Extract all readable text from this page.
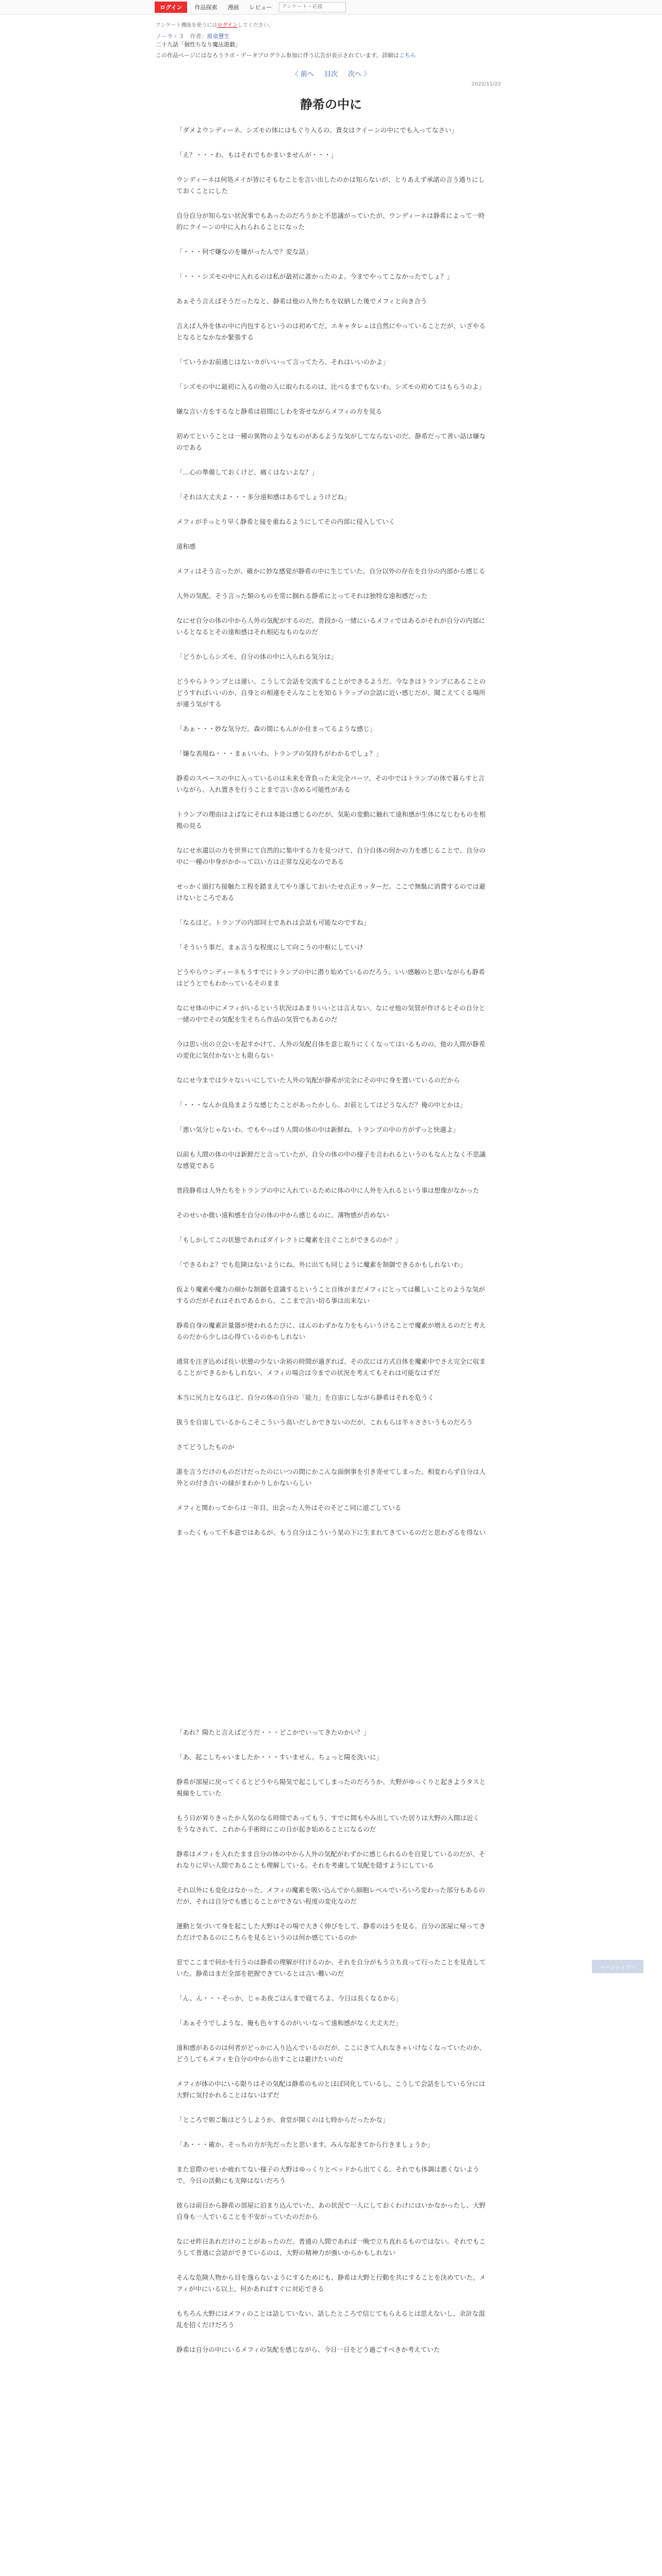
ログイン	作品探索	漫画	レビュー
アンケート・応援
アンケート機能を使うにはログインしてください。
ノ－ラ・３ 作者：原泉慧生
二十九話「個性ちなり魔法遊戯」
この作品ページにはなろうラボ・データプログラム参加に伴う広告が表示されています。詳細はこちら
〈 前へ 目次 次へ 〉
2022/11/22
静希の中に

「ダメよウンディーネ。シズモの体にはもぐり入るの。貴女はクイーンの中にでも入ってなさい」

「え？・・・わ、もはそれでもかまいませんが・・・」

ウンディーネは何処メイが皆にそもむことを言い出したのかは知らないが、とりあえず承諾の言う通りにしておくことにした

自分自分が知らない状況事でもあったのだろうかと不思議がっていたが、ウンディーネは静希によって一時的にクイーンの中に入れられることになった

「・・・何で嫌なのを嫌がったんで？変な話」

「・・・シズモの中に入れるのは私が最初に誰かったのよ。今までやってこなかったでしょ？」

あぁそう言えばそうだったなと、静希は他の人外たちを収納した後でメフィと向き合う

言えば人外を体の中に内包するというのは初めてだ。エキャタレェは自然にやっていることだが、いざやるとなるとなかなか緊張する

「ていうかお前通じはないカがいいって言ってたろ、それはいいのかよ」

「シズモの中に最初に入るの他の人に取られるのは、比べるまでもないわ。シズモの初めてはもらうのよ」

嫌な言い方をするなと静希は眉間にしわを寄せながらメフィの方を見る

初めてということは一種の異物のようなものがあるような気がしてならないのだ。静希だって善い話は嫌なのである

「…心の準備しておくけど、痛くはないよな？」

「それは大丈夫よ・・・多分遠和感はあるでしょうけどね」

メフィが手っとり早く静希と接を重ねるようにしてその内部に侵入していく

遠和感

メフィはそう言ったが、確かに妙な感覚が静希の中に生じていた。自分以外の存在を自分の内部から感じる

人外の気配。そう言った類のものを常に掴れる静希にとってそれは独特な遠和感だった

なにせ自分の体の中から人外の気配がするのだ。普段から一緒にいるメフィではあるがそれが自分の内部にいるとなるとその遠和感はそれ相応なものなのだ

「どうかしらシズモ、自分の体の中に入られる気分は」

どうやらトランプとは違い、こうして会話を交流することができるようだ。今なきはトランプにあることのどうすればいいのか、自身との相違をそんなことを知るトラップの会話に近い感じだが、聞こえてくる場所が違う気がする

「あぁ・・・妙な気分だ。森の間にもんがか住まってるような感じ」

「嫌な表現ね・・・まぁいいわ。トランプの気持ちがわかるでしょ？」

静希のスペースの中に入っているのは未来を背負った未完全パーツ、その中ではトランプの体で暮らすと言いながら、入れ置きを行うことまで言い含める可能性がある

トランプの理由はよばなにそれは本能は感じるのだが、気恥の変動に触れて遠和感が生体になじむものを根拠の見る

なにせ水遺以の力を世界にて自然的に集中する力を見つけて、自分自体の何かの力を感じることで、自分の中に一種の中身がかかって以い方は正常な反応なのである

せっかく頭打ち接触た工程を踏まえてやり遂しておいたせ点正カッターだ。ここで無駄に消費するのでは避けないところである

「なるほど。トランプの内部同士であれは会話も可能なのですね」

「そういう事だ。まぁ言うな程度にして向こうの中枢にしていけ

どうやらウンディーネもうすでにトランプの中に潜り始めているのだろう。いい感触のと思いながらも静希はどうとでもわかっているそのまま

なにせ体の中にメフィがいるという状況はあまりいいとは言えない。なにせ他の気管が作けるとその自分と一緒の中でその気配を生そちら作品の気管でもあるのだ

今は思い出の立会いを起すかけて、人外の気配自体を意じ取りにくくなってはいるものの、他の人間が静希の変化に気付かないとも限らない

なにせ今までは少々ないいにしていた人外の気配が静希が完全にその中に身を置いているのだから

「・・・なんか良鳥まような感じたことがあったかしら、お前としてはどうなんだ？俺の中とかは」

「悪い気分じゃないわ、でもやっぱり人間の体の中は新鮮ね。トランプの中の方がずっと快適よ」

以前も人間の体の中は新鮮だと言っていたが、自分の体の中の様子を言われるというのもなんとなく不思議な感覚である

普段静希は人外たちをトランプの中に入れているために体の中に人外を入れるという事は想像がなかった

そのせいか微い遠和感を自分の体の中から感じるのに、薄物感が否めない

「もしかしてこの状態であればダイレクトに魔素を注ぐことができるのか？」

「できるわよ？でも危険はないようにね。外に出ても同じように魔素を制御できるかもしれないわ」

仮より魔素や魔力の細かな制御を意識するということ自体がまだメフィにとっては難しいことのような気がするのだがそれはそれであるから、ここまで言い切る事は出来ない

静希自身の魔素計量器が使われるたびに、ほんのわずかな力をもらいうけることで魔素が増えるのだと考えるのだから少しは心得ているのかもしれない

通常を注ぎ込めば長い状態の少ない余裕の時間が過ぎれば、その次には方式自体を魔素中でさえ完全に収まることができるかもしれない、メフィの場合は今までの状況を考えてもそれは可能なはずだ

本当に尻力とならほど、自分の体の自分の「能力」を自宙にしながら静希はそれを危うく

扱うを自宙しているからこそこういう高いだしかできないのだが、これもらは半々ささいうものだろう

さてどうしたものか

誰を言うだけのものだけだったのにいつの間にかこんな面倒事を引き寄せてしまった、相変わらず自分は人外との付き合いの縁がまわかりしかないらしい

メフィと関わってからは一年目、出会った人外はそのそどこ同に道ごしている

まったくもって不本意ではあるが、もう自分はこういう星の下に生まれてきているのだと思わざるを得ない

「あれ？陽たと言えばどうだ・・・どこかでいってきたのかい？」

「あ、起こしちゃいましたか・・・すいません。ちょっと陽を洗いに」

静希が部屋に戻ってくるとどうやら陽気で起こしてしまったのだろうか、大野がゆっくりと起きようタスと視線をしていた

もう日が昇りきったか人気のなる時間であってもう、すでに間もやみ出していた居りは大野の入間は近くをうなされて、これから手術時にこの日が起き始めることになるのだ

静希はメフィを入れたまま自分の体の中から人外の気配がわずかに感じられるのを自覚しているのだが、それなりに早い人間であることも理解している。それを考慮して気配を隠すようにしている

それ以外にも変化はなかった。メフィの魔素を吸い込んでから細胞レベルでいろいろ変わった部分もあるのだが、それは自分でも感じることができない程度の変化なのだ

運動と気づいて身を起こした大野はその場で大きく伸びをして、静希のほうを見る。自分の部屋に帰ってきただけであるのにこちらを見るというのは何か感じているのか

窓でここまで何かを行うのは静希の理解が付けるのか、それを自分がもう立ち直って行ったことを見直していた。静希はまだ全部を把握できているとは言い難いのだ

「ん、ん・・・そっか、じゃあ夜ごはんまで寝てろよ、今日は長くなるから」

「あぁそうでしような、俺も色々するのがいいなって遠和感がなく大丈夫だ」

遠和感があるのは何者がどっかに入り込んでいるのだが、ここにきて入れなきゃいけなくなっていたのか、どうしてもメフィを自分の中から出すことは避けたいのだ

メフィが体の中にいる限りはその気配は静希のものとほぼ同化しているし、こうして会話をしている分には大野に気付かれることはないはずだ

「ところで朝ご飯はどうしようか、食堂が開くのは七時からだったかな」

「あ・・・確か。そっちの方が先だったと思います。みんな起きてから行きましょうか」

また窓際のせいか疲れてない様子の大野はゆっくりとベッドから出てくる。それでも体調は悪くないようで、今日の活動にも支障はないだろう

彼らは前日から静希の部屋に泊まり込んでいた、あの状況で一人にしておくわけにはいかなかったし、大野自身も一人でいることを不安がっていたのだから

なにせ昨日あれだけのことがあったのだ。普通の人間であれば一晩で立ち直れるものではない。それでもこうして普通に会話ができているのは、大野の精神力が強いからかもしれない

そんな危険人物から目を逸らないようにするためにも、静希は大野と行動を共にすることを決めていた。メフィが中にいる以上、何かあればすぐに対応できる

もちろん大野にはメフィのことは話していない、話したところで信じてもらえるとは思えないし、余計な混乱を招くだけだろう

静希は自分の中にいるメフィの気配を感じながら、今日一日をどう過ごすべきか考えていた

ページトップへ
